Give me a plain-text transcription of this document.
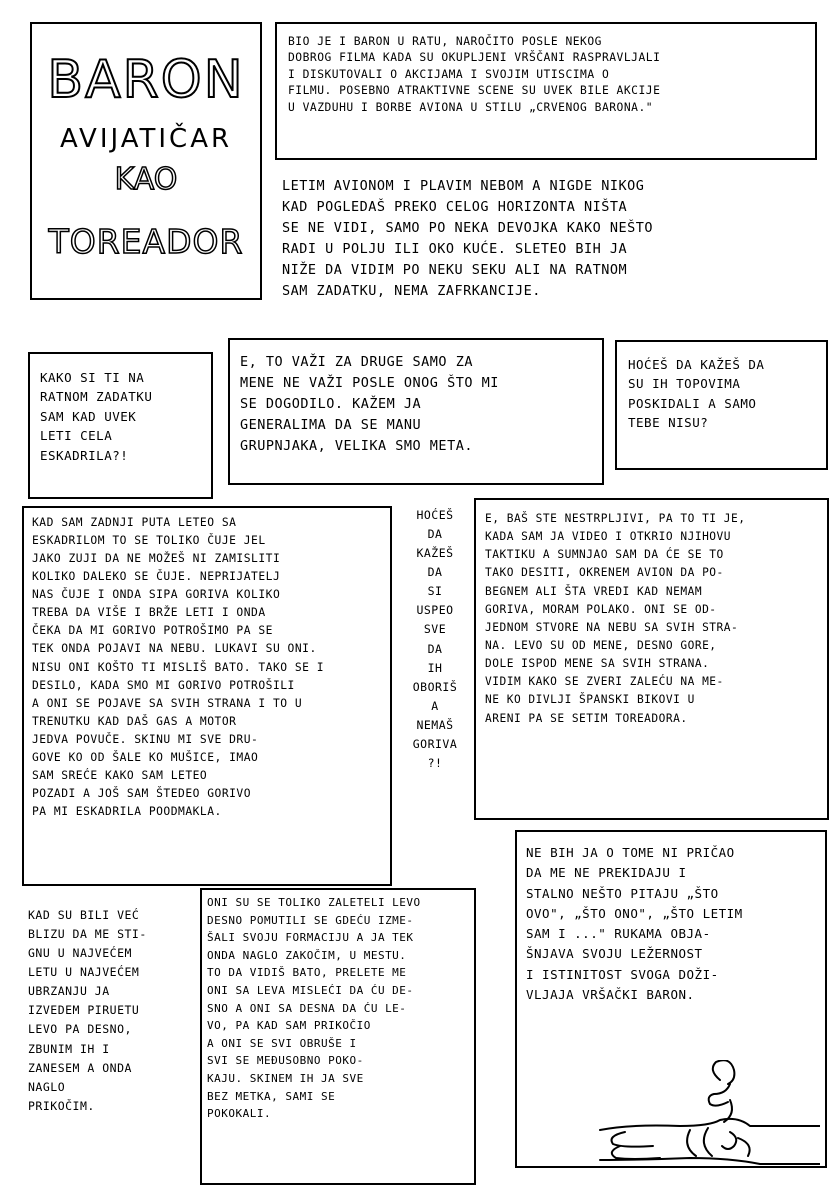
BARON
AVIJATIČAR
KAO
TOREADOR
BIO JE I BARON U RATU, NAROČITO POSLE NEKOG
DOBROG FILMA KADA SU OKUPLJENI VRŠČANI RASPRAVLJALI
I DISKUTOVALI O AKCIJAMA I SVOJIM UTISCIMA O
FILMU. POSEBNO ATRAKTIVNE SCENE SU UVEK BILE AKCIJE
U VAZDUHU I BORBE AVIONA U STILU „CRVENOG BARONA."
LETIM AVIONOM I PLAVIM NEBOM A NIGDE NIKOG
KAD POGLEDAŠ PREKO CELOG HORIZONTA NIŠTA
SE NE VIDI, SAMO PO NEKA DEVOJKA KAKO NEŠTO
RADI U POLJU ILI OKO KUĆE. SLETEO BIH JA
NIŽE DA VIDIM PO NEKU SEKU ALI NA RATNOM
SAM ZADATKU, NEMA ZAFRKANCIJE.
KAKO SI TI NA
RATNOM ZADATKU
SAM KAD UVEK
LETI CELA
ESKADRILA?!
E, TO VAŽI ZA DRUGE SAMO ZA
MENE NE VAŽI POSLE ONOG ŠTO MI
SE DOGODILO. KAŽEM JA
GENERALIMA DA SE MANU
GRUPNJAKA, VELIKA SMO META.
HOĆEŠ DA KAŽEŠ DA
SU IH TOPOVIMA
POSKIDALI A SAMO
TEBE NISU?
KAD SAM ZADNJI PUTA LETEO SA
ESKADRILOM TO SE TOLIKO ČUJE JEL
JAKO ZUJI DA NE MOŽEŠ NI ZAMISLITI
KOLIKO DALEKO SE ČUJE. NEPRIJATELJ
NAS ČUJE I ONDA SIPA GORIVA KOLIKO
TREBA DA VIŠE I BRŽE LETI I ONDA
ČEKA DA MI GORIVO POTROŠIMO PA SE
TEK ONDA POJAVI NA NEBU. LUKAVI SU ONI.
NISU ONI KOŠTO TI MISLIŠ BATO. TAKO SE I
DESILO, KADA SMO MI GORIVO POTROŠILI
A ONI SE POJAVE SA SVIH STRANA I TO U
TRENUTKU KAD DAŠ GAS A MOTOR
JEDVA POVUČE. SKINU MI SVE DRU-
GOVE KO OD ŠALE KO MUŠICE, IMAO
SAM SREĆE KAKO SAM LETEO
POZADI A JOŠ SAM ŠTEDEO GORIVO
PA MI ESKADRILA POODMAKLA.
HOĆEŠ
DA
KAŽEŠ
DA
SI
USPEO
SVE
DA
IH
OBORIŠ
A
NEMAŠ
GORIVA
?!
E, BAŠ STE NESTRPLJIVI, PA TO TI JE,
KADA SAM JA VIDEO I OTKRIO NJIHOVU
TAKTIKU A SUMNJAO SAM DA ĆE SE TO
TAKO DESITI, OKRENEM AVION DA PO-
BEGNEM ALI ŠTA VREDI KAD NEMAM
GORIVA, MORAM POLAKO. ONI SE OD-
JEDNOM STVORE NA NEBU SA SVIH STRA-
NA. LEVO SU OD MENE, DESNO GORE,
DOLE ISPOD MENE SA SVIH STRANA.
VIDIM KAKO SE ZVERI ZALEĆU NA ME-
NE KO DIVLJI ŠPANSKI BIKOVI U
ARENI PA SE SETIM TOREADORA.
KAD SU BILI VEĆ
BLIZU DA ME STI-
GNU U NAJVEĆEM
LETU U NAJVEĆEM
UBRZANJU JA
IZVEDEM PIRUETU
LEVO PA DESNO,
ZBUNIM IH I
ZANESEM A ONDA
NAGLO
PRIKOČIM.
ONI SU SE TOLIKO ZALETELI LEVO
DESNO POMUTILI SE GDEĆU IZME-
ŠALI SVOJU FORMACIJU A JA TEK
ONDA NAGLO ZAKOČIM, U MESTU.
TO DA VIDIŠ BATO, PRELETE ME
ONI SA LEVA MISLEĆI DA ĆU DE-
SNO A ONI SA DESNA DA ĆU LE-
VO, PA KAD SAM PRIKOČIO
A ONI SE SVI OBRUŠE I
SVI SE MEĐUSOBNO POKO-
KAJU. SKINEM IH JA SVE
BEZ METKA, SAMI SE
POKOKALI.
NE BIH JA O TOME NI PRIČAO
DA ME NE PREKIDAJU I
STALNO NEŠTO PITAJU „ŠTO
OVO", „ŠTO ONO", „ŠTO LETIM
SAM I ..." RUKAMA OBJA-
ŠNJAVA SVOJU LEŽERNOST
I ISTINITOST SVOGA DOŽI-
VLJAJA VRŠAČKI BARON.
